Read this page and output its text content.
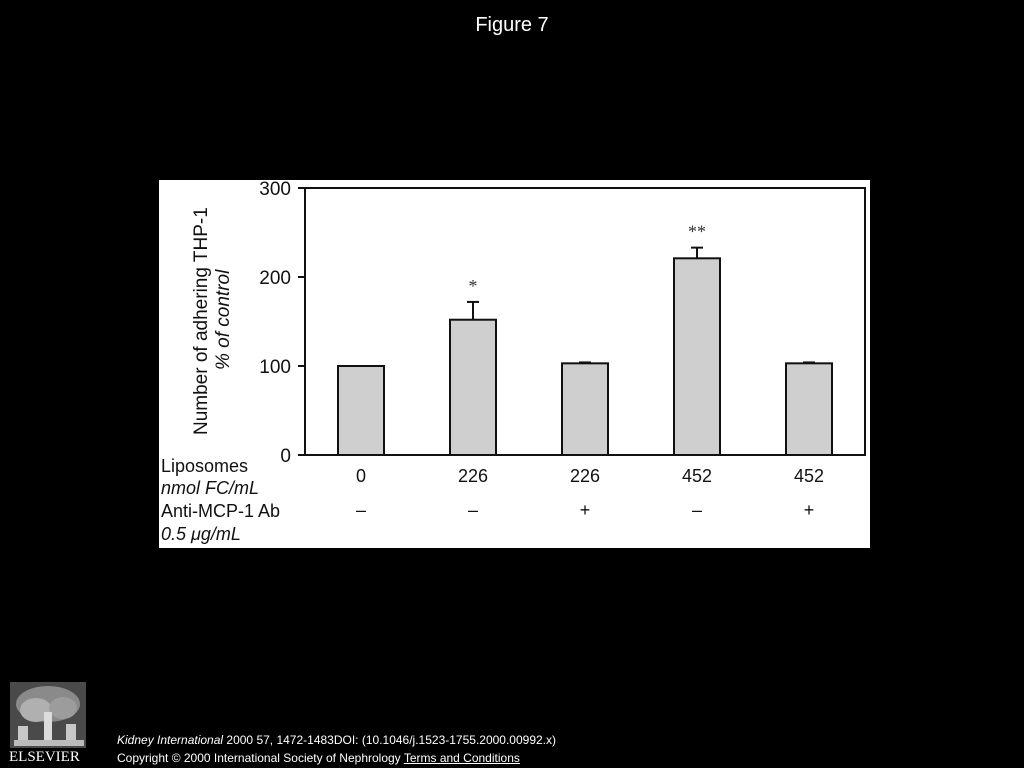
Figure 7
0
100
200
300
*
**
Number of adhering THP-1 % of control
Liposomes
nmol FC/mL
Anti-MCP-1 Ab
0.5 μg/mL
0
–
226
–
226
+
452
–
452
+
Kidney International 2000 57, 1472-1483DOI: (10.1046/j.1523-1755.2000.00992.x)
Copyright © 2000 International Society of Nephrology Terms and Conditions
ELSEVIER
